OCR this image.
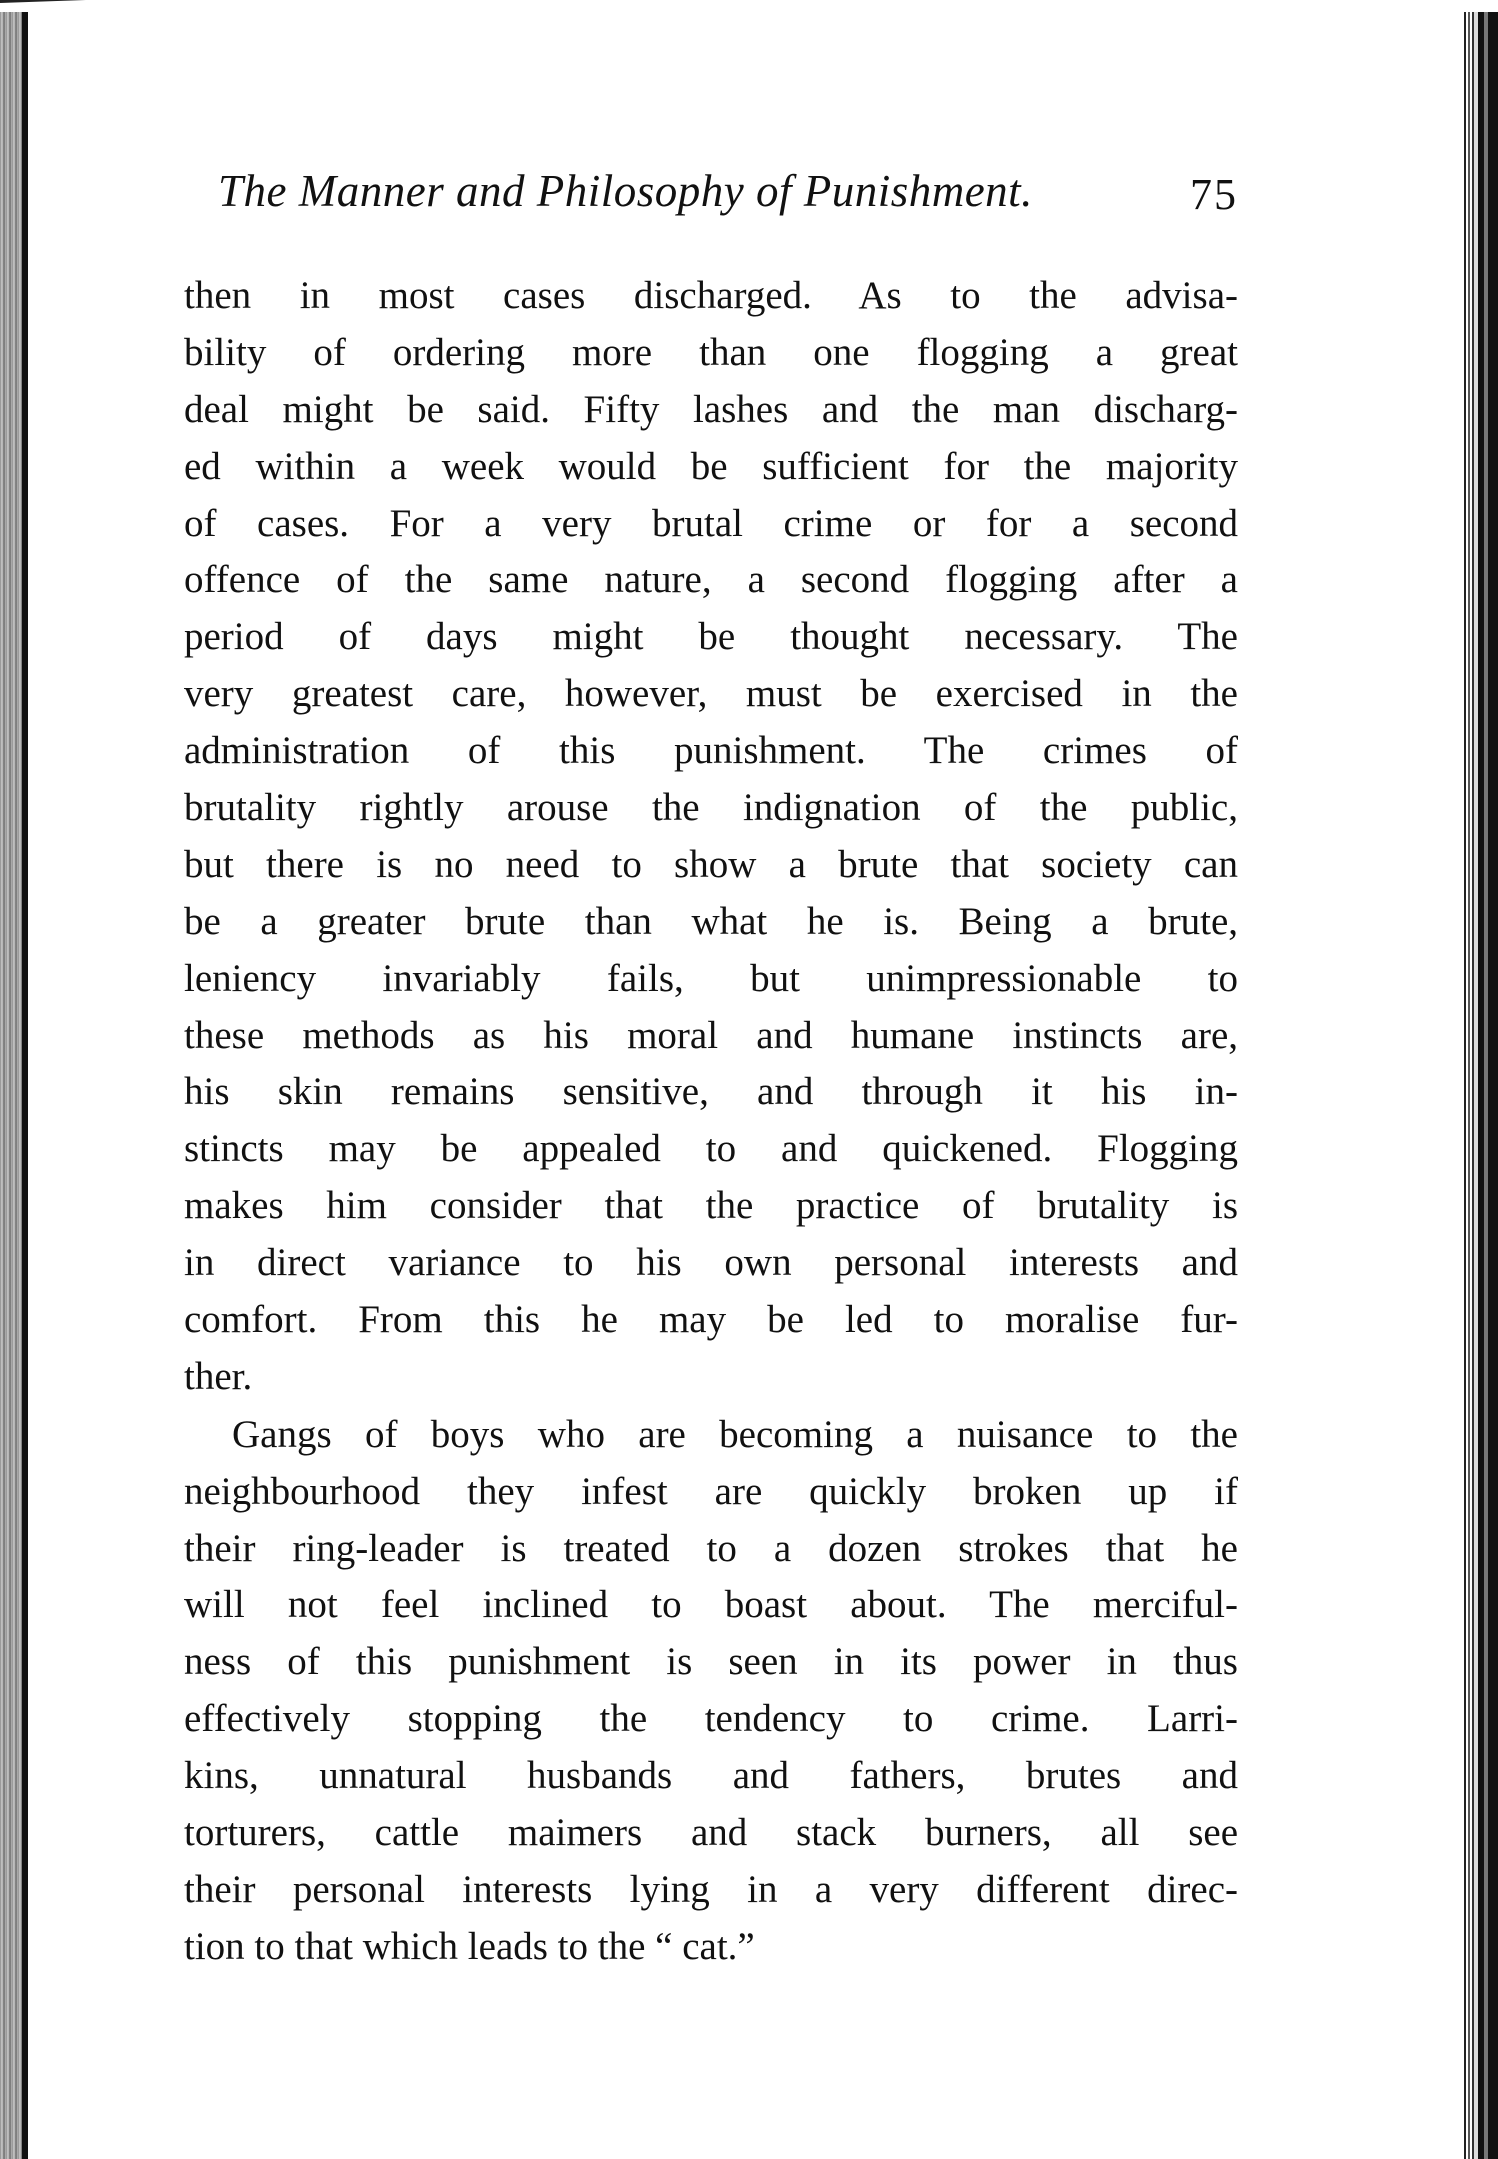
The Manner and Philosophy of Punishment.	75
then in most cases discharged. As to the advisa-
bility of ordering more than one flogging a great
deal might be said. Fifty lashes and the man discharg-
ed within a week would be sufficient for the majority
of cases. For a very brutal crime or for a second
offence of the same nature, a second flogging after a
period of days might be thought necessary. The
very greatest care, however, must be exercised in the
administration of this punishment. The crimes of
brutality rightly arouse the indignation of the public,
but there is no need to show a brute that society can
be a greater brute than what he is. Being a brute,
leniency invariably fails, but unimpressionable to
these methods as his moral and humane instincts are,
his skin remains sensitive, and through it his in-
stincts may be appealed to and quickened. Flogging
makes him consider that the practice of brutality is
in direct variance to his own personal interests and
comfort. From this he may be led to moralise fur-
ther.
Gangs of boys who are becoming a nuisance to the
neighbourhood they infest are quickly broken up if
their ring-leader is treated to a dozen strokes that he
will not feel inclined to boast about. The merciful-
ness of this punishment is seen in its power in thus
effectively stopping the tendency to crime. Larri-
kins, unnatural husbands and fathers, brutes and
torturers, cattle maimers and stack burners, all see
their personal interests lying in a very different direc-
tion to that which leads to the “ cat.”
